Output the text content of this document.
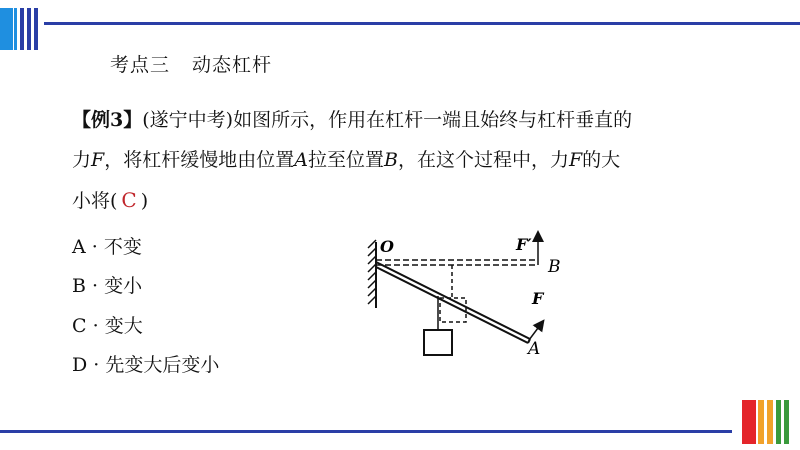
考点三 动态杠杆
【例3】(遂宁中考)如图所示，作用在杠杆一端且始终与杠杆垂直的
力F，将杠杆缓慢地由位置A拉至位置B，在这个过程中，力F的大
小将( C )
A · 不变
B · 变小
C · 变大
D · 先变大后变小
O	F′
B
F
A
